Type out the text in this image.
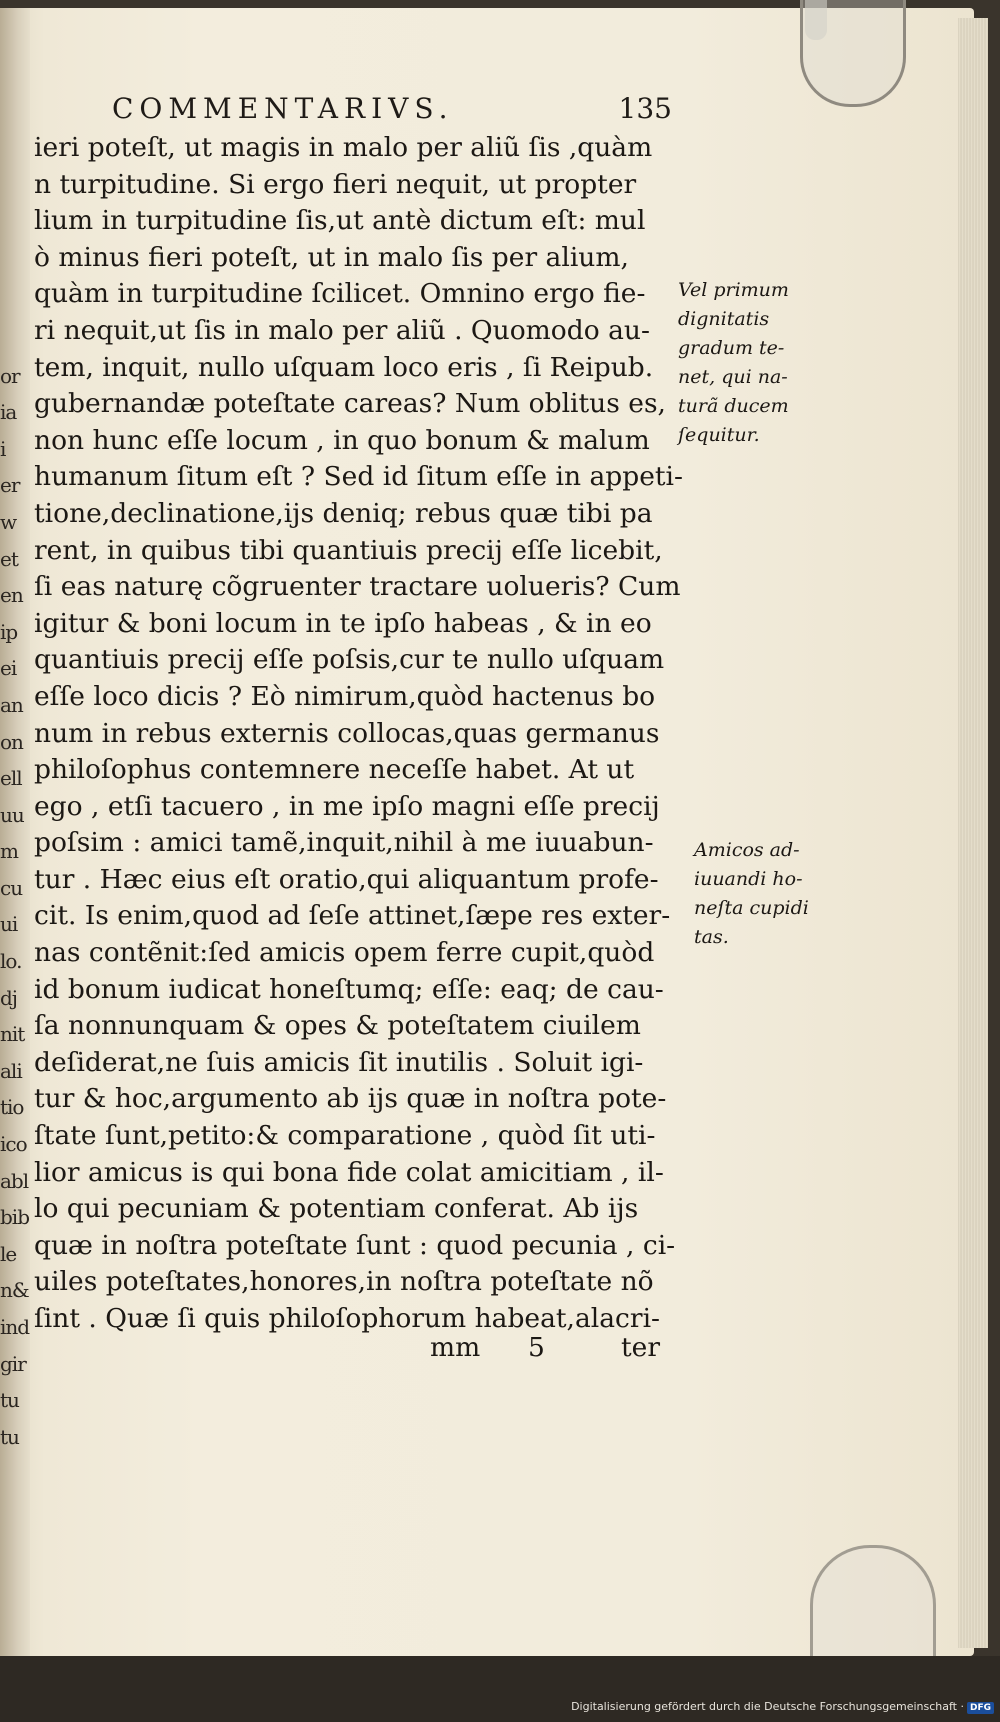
or
ia
i
er
w
et
en
ip
ei
an
on
ell
uu
m
cu
ui
lo.
dj
nit
ali
tio
ico
abl
bib
le
n&
ind
gir
tu
tu
COMMENTARIVS.	135
ieri poteſt, ut magis in malo per aliũ ſis ,quàm
n turpitudine. Si ergo fieri nequit, ut propter
lium in turpitudine ſis,ut antè dictum eſt: mul
ò minus fieri poteſt, ut in malo ſis per alium,
quàm in turpitudine ſcilicet. Omnino ergo fie-
ri nequit,ut ſis in malo per aliũ . Quomodo au-
tem, inquit, nullo uſquam loco eris , ſi Reipub.
gubernandæ poteſtate careas? Num oblitus es,
non hunc eſſe locum , in quo bonum & malum
humanum ſitum eſt ? Sed id ſitum eſſe in appeti-
tione,declinatione,ijs deniq; rebus quæ tibi pa
rent, in quibus tibi quantiuis precij eſſe licebit,
ſi eas naturę cõgruenter tractare uolueris? Cum
igitur & boni locum in te ipſo habeas , & in eo
quantiuis precij eſſe poſsis,cur te nullo uſquam
eſſe loco dicis ? Eò nimirum,quòd hactenus bo
num in rebus externis collocas,quas germanus
philoſophus contemnere neceſſe habet. At ut
ego , etſi tacuero , in me ipſo magni eſſe precij
poſsim : amici tamẽ,inquit,nihil à me iuuabun-
tur . Hæc eius eſt oratio,qui aliquantum profe-
cit. Is enim,quod ad ſeſe attinet,ſæpe res exter-
nas contẽnit:ſed amicis opem ferre cupit,quòd
id bonum iudicat honeſtumq; eſſe: eaq; de cau-
ſa nonnunquam & opes & poteſtatem ciuilem
deſiderat,ne ſuis amicis ſit inutilis . Soluit igi-
tur & hoc,argumento ab ijs quæ in noſtra pote-
ſtate ſunt,petito:& comparatione , quòd ſit uti-
lior amicus is qui bona fide colat amicitiam , il-
lo qui pecuniam & potentiam conferat. Ab ijs
quæ in noſtra poteſtate ſunt : quod pecunia , ci-
uiles poteſtates,honores,in noſtra poteſtate nõ
ſint . Quæ ſi quis philoſophorum habeat,alacri-
mm 5	ter
Vel primum
dignitatis
gradum te-
net, qui na-
turã ducem
ſequitur.
Amicos ad-
iuuandi ho-
neſta cupidi
tas.
Digitalisierung gefördert durch die Deutsche Forschungsgemeinschaft · DFG
